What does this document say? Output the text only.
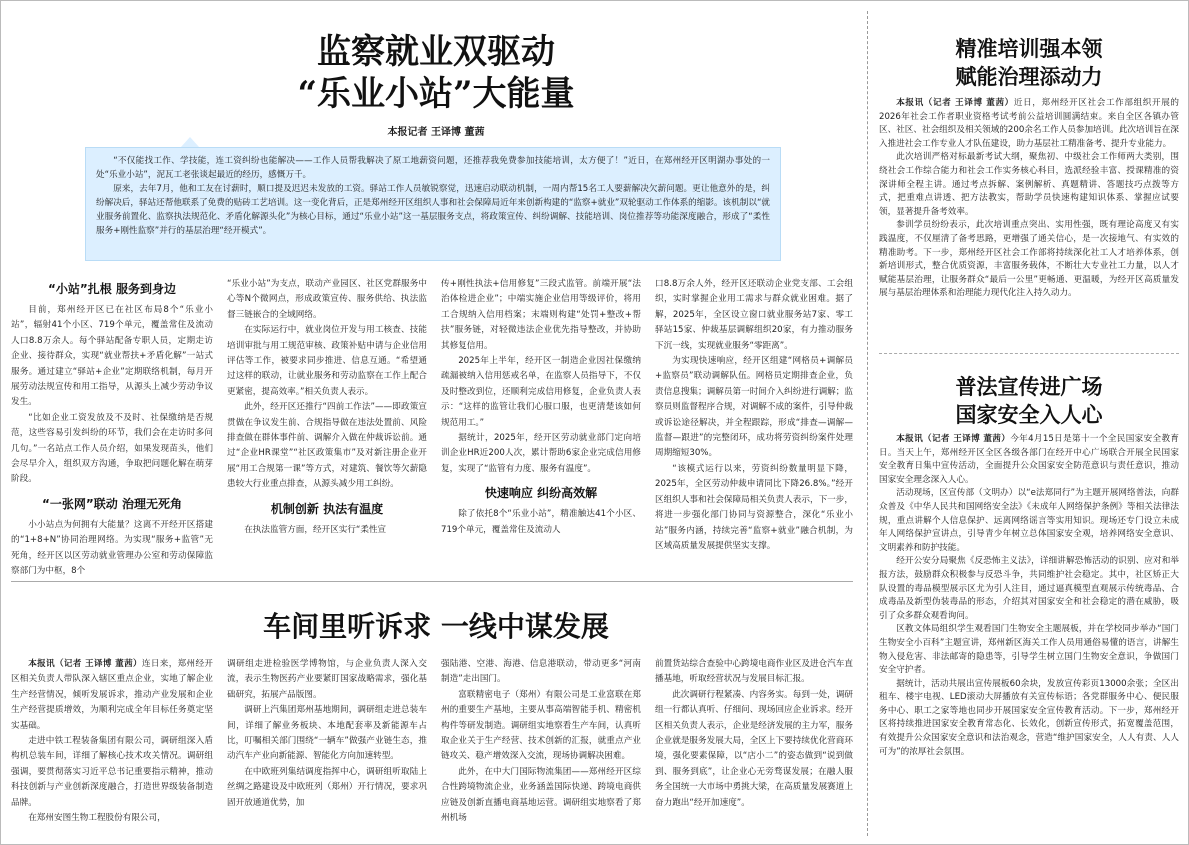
监察就业双驱动
“乐业小站”大能量
本报记者 王译博 董茜

“不仅能找工作、学技能，连工资纠纷也能解决——工作人员帮我解决了原工地薪资问题，还推荐我免费参加技能培训，太方便了！”近日，在郑州经开区明湖办事处的一处“乐业小站”，泥瓦工老张谈起最近的经历，感慨万千。

原来，去年7月，他和工友在讨薪时，顺口提及迟迟未发放的工资。驿站工作人员敏锐察觉，迅速启动联动机制，一周内帮15名工人要薪解决欠薪问题。更让他意外的是，纠纷解决后，驿站还帮他联系了免费的贴砖工艺培训。这一变化背后，正是郑州经开区组织人事和社会保障局近年来创新构建的“监察+就业”双轮驱动工作体系的缩影。该机制以“就业服务前置化、监察执法规范化、矛盾化解源头化”为核心目标，通过“乐业小站”这一基层服务支点，将政策宣传、纠纷调解、技能培训、岗位推荐等功能深度融合，形成了“柔性服务+刚性监察”并行的基层治理“经开模式”。

“小站”扎根 服务到身边

目前，郑州经开区已在社区布局8个“乐业小站”，辐射41个小区、719个单元，覆盖常住及流动人口8.8万余人。每个驿站配备专职人员，定期走访企业、接待群众，实现“就业帮扶+矛盾化解”一站式服务。通过建立“驿站+企业”定期联络机制，每月开展劳动法规宣传和用工指导，从源头上减少劳动争议发生。

“比如企业工资发放及不及时、社保缴纳是否规范，这些容易引发纠纷的环节，我们会在走访时多问几句。”一名站点工作人员介绍，如果发现苗头，他们会尽早介入，组织双方沟通，争取把问题化解在萌芽阶段。

“一张网”联动 治理无死角

小小站点为何拥有大能量？这离不开经开区搭建的“1+8+N”协同治理网络。为实现“服务+监管”无死角，经开区以区劳动就业管理办公室和劳动保障监察部门为中枢，8个

“乐业小站”为支点，联动产业园区、社区党群服务中心等N个微网点，形成政策宣传、服务供给、执法监督三链嵌合的全域网络。

在实际运行中，就业岗位开发与用工核查、技能培训审批与用工规范审核、政策补贴申请与企业信用评估等工作，被要求同步推进、信息互通。“希望通过这样的联动，让就业服务和劳动监察在工作上配合更紧密，提高效率。”相关负责人表示。

此外，经开区还推行“四前工作法”——即政策宣贯做在争议发生前、合规指导做在违法处置前、风险排查做在群体事件前、调解介入做在仲裁诉讼前。通过“企业HR课堂”“社区政策集市”及对新注册企业开展“用工合规第一课”等方式，对建筑、餐饮等欠薪隐患较大行业重点排查，从源头减少用工纠纷。

机制创新 执法有温度

在执法监管方面，经开区实行“柔性宣

传+刚性执法+信用修复”三段式监管。前端开展“法治体检进企业”；中端实施企业信用等级评价，将用工合规纳入信用档案；末端则构建“处罚+整改+帮扶”服务链，对轻微违法企业优先指导整改，并协助其修复信用。

2025年上半年，经开区一制造企业因社保缴纳疏漏被纳入信用惩戒名单，在监察人员指导下，不仅及时整改到位，还顺利完成信用修复，企业负责人表示：“这样的监管让我们心服口服，也更清楚该如何规范用工。”

据统计，2025年，经开区劳动就业部门定向培训企业HR近200人次，累计帮助6家企业完成信用修复，实现了“监管有力度、服务有温度”。

快速响应 纠纷高效解

除了依托8个“乐业小站”，精准触达41个小区、719个单元，覆盖常住及流动人

口8.8万余人外，经开区还联动企业党支部、工会组织，实时掌握企业用工需求与群众就业困难。据了解，2025年，全区设立窗口就业服务站7家、零工驿站15家、仲裁基层调解组织20家，有力推动服务下沉一线，实现就业服务“零距离”。

为实现快速响应，经开区组建“网格员+调解员+监察员”联动调解队伍。网格员定期排查企业，负责信息搜集；调解员第一时间介入纠纷进行调解；监察员则监督程序合规，对调解不成的案件，引导仲裁或诉讼途径解决，并全程跟踪，形成“排查—调解—监督—跟进”的完整闭环，成功将劳资纠纷案件处理周期缩短30%。

“该模式运行以来，劳资纠纷数量明显下降，2025年，全区劳动仲裁申请同比下降26.8%。”经开区组织人事和社会保障局相关负责人表示，下一步，将进一步强化部门协同与资源整合，深化“乐业小站”服务内涵，持续完善“监察+就业”融合机制，为区域高质量发展提供坚实支撑。

车间里听诉求 一线中谋发展

本报讯（记者 王译博 董茜）连日来，郑州经开区相关负责人带队深入辖区重点企业，实地了解企业生产经营情况，倾听发展诉求，推动产业发展和企业生产经营提质增效，为顺利完成全年目标任务奠定坚实基础。

走进中铁工程装备集团有限公司，调研组深入盾构机总装车间，详细了解核心技术攻关情况。调研组强调，要贯彻落实习近平总书记重要指示精神，推动科技创新与产业创新深度融合，打造世界级装备制造品牌。

在郑州安图生物工程股份有限公司，

调研组走进检验医学博物馆，与企业负责人深入交流，表示生物医药产业要紧盯国家战略需求，强化基础研究，拓展产品版图。

调研上汽集团郑州基地期间，调研组走进总装车间，详细了解业务板块、本地配套率及新能源车占比，叮嘱相关部门围绕“一辆车”做强产业链生态，推动汽车产业向新能源、智能化方向加速转型。

在中欧班列集结调度指挥中心，调研组听取陆上丝绸之路建设及中欧班列（郑州）开行情况，要求巩固开放通道优势，加

强陆港、空港、海港、信息港联动，带动更多“河南制造”走出国门。

富联精密电子（郑州）有限公司是工业富联在郑州的重要生产基地，主要从事高端智能手机、精密机构件等研发制造。调研组实地察看生产车间，认真听取企业关于生产经营、技术创新的汇报，就重点产业链攻关、稳产增效深入交流，现场协调解决困难。

此外，在中大门国际物流集团——郑州经开区综合性跨境物流企业，业务涵盖国际快递、跨境电商供应链及创新直播电商基地运营。调研组实地察看了郑州机场

前置货站综合查验中心跨境电商作业区及进仓汽车直播基地，听取经营状况与发展目标汇报。

此次调研行程紧凑、内容务实。每到一处，调研组一行都认真听、仔细问、现场回应企业诉求。经开区相关负责人表示，企业是经济发展的主力军，服务企业就是服务发展大局，全区上下要持续优化营商环境，强化要素保障，以“店小二”的姿态做到“说到做到、服务到底”，让企业心无旁骛谋发展；在融人服务全国统一大市场中勇挑大梁，在高质量发展赛道上奋力跑出“经开加速度”。

精准培训强本领
赋能治理添动力

本报讯（记者 王译博 董茜）近日，郑州经开区社会工作部组织开展的2026年社会工作者职业资格考试考前公益培训圆满结束。来自全区各镇办管区、社区、社会组织及相关领域的200余名工作人员参加培训。此次培训旨在深入推进社会工作专业人才队伍建设，助力基层社工精准备考、提升专业能力。

此次培训严格对标最新考试大纲，聚焦初、中级社会工作师两大类别，围绕社会工作综合能力和社会工作实务核心科目，选派经验丰富、授课精准的资深讲师全程主讲。通过考点拆解、案例解析、真题精讲、答题技巧点拨等方式，把重难点讲透、把方法教实，帮助学员快速构建知识体系、掌握应试要领，显著提升备考效率。

参训学员纷纷表示，此次培训重点突出、实用性强，既有理论高度又有实践温度，不仅厘清了备考思路，更增强了通关信心，是一次接地气、有实效的精准助考。下一步，郑州经开区社会工作部将持续深化社工人才培养体系，创新培训形式，整合优质资源，丰富服务载体，不断壮大专业社工力量，以人才赋能基层治理，让服务群众“最后一公里”更畅通、更温暖，为经开区高质量发展与基层治理体系和治理能力现代化注入持久动力。

普法宣传进广场
国家安全入人心

本报讯（记者 王译博 董茜）今年4月15日是第十一个全民国家安全教育日。当天上午，郑州经开区全区各级各部门在经开中心广场联合开展全民国家安全教育日集中宣传活动，全面提升公众国家安全防范意识与责任意识，推动国家安全理念深入人心。

活动现场，区宣传部（文明办）以“e法郑同行”为主题开展网络普法，向群众普及《中华人民共和国网络安全法》《未成年人网络保护条例》等相关法律法规，重点讲解个人信息保护、远离网络谣言等实用知识。现场还专门设立未成年人网络保护宣讲点，引导青少年树立总体国家安全观，培养网络安全意识、文明素养和防护技能。

经开公安分局聚焦《反恐怖主义法》，详细讲解恐怖活动的识别、应对和举报方法，鼓励群众积极参与反恐斗争，共同维护社会稳定。其中，社区矫正大队设置的毒品模型展示区尤为引人注目，通过逼真模型直观展示传统毒品、合成毒品及新型伪装毒品的形态，介绍其对国家安全和社会稳定的潜在威胁，吸引了众多群众观看询问。

区教文体局组织学生观看国门生物安全主题展板，并在学校同步举办“国门生物安全小百科”主题宣讲，郑州新区海关工作人员用通俗易懂的语言，讲解生物入侵危害、非法邮寄的隐患等，引导学生树立国门生物安全意识，争做国门安全守护者。

据统计，活动共展出宣传展板60余块，发放宣传彩页13000余张；全区出租车、楼宇电视、LED滚动大屏播放有关宣传标语；各党群服务中心、便民服务中心、职工之家等地也同步开展国家安全宣传教育活动。下一步，郑州经开区将持续推进国家安全教育常态化、长效化，创新宣传形式，拓宽覆盖范围，有效提升公众国家安全意识和法治观念，营造“维护国家安全，人人有责、人人可为”的浓厚社会氛围。
